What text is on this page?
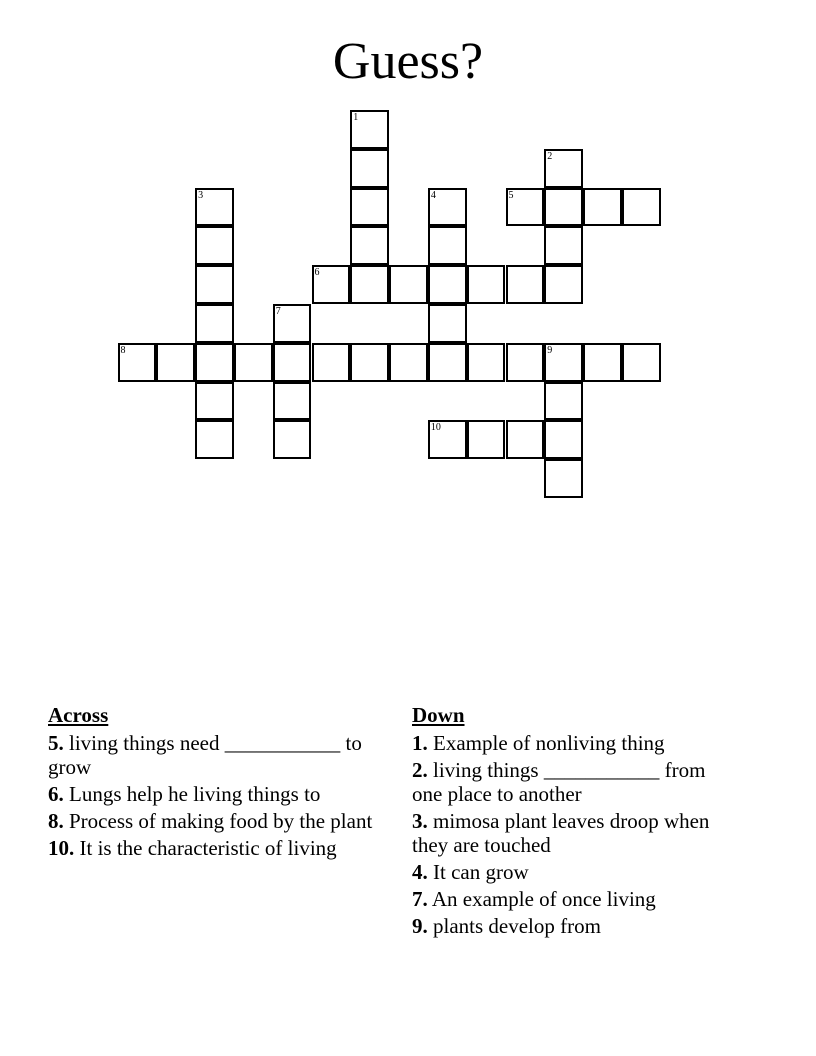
Guess?
1
2
3	4	5
6
7
8	9
10
Across
5. living things need ___________ to grow
6. Lungs help he living things to
8. Process of making food by the plant
10. It is the characteristic of living
Down
1. Example of nonliving thing
2. living things ___________ from one place to another
3. mimosa plant leaves droop when they are touched
4. It can grow
7. An example of once living
9. plants develop from
